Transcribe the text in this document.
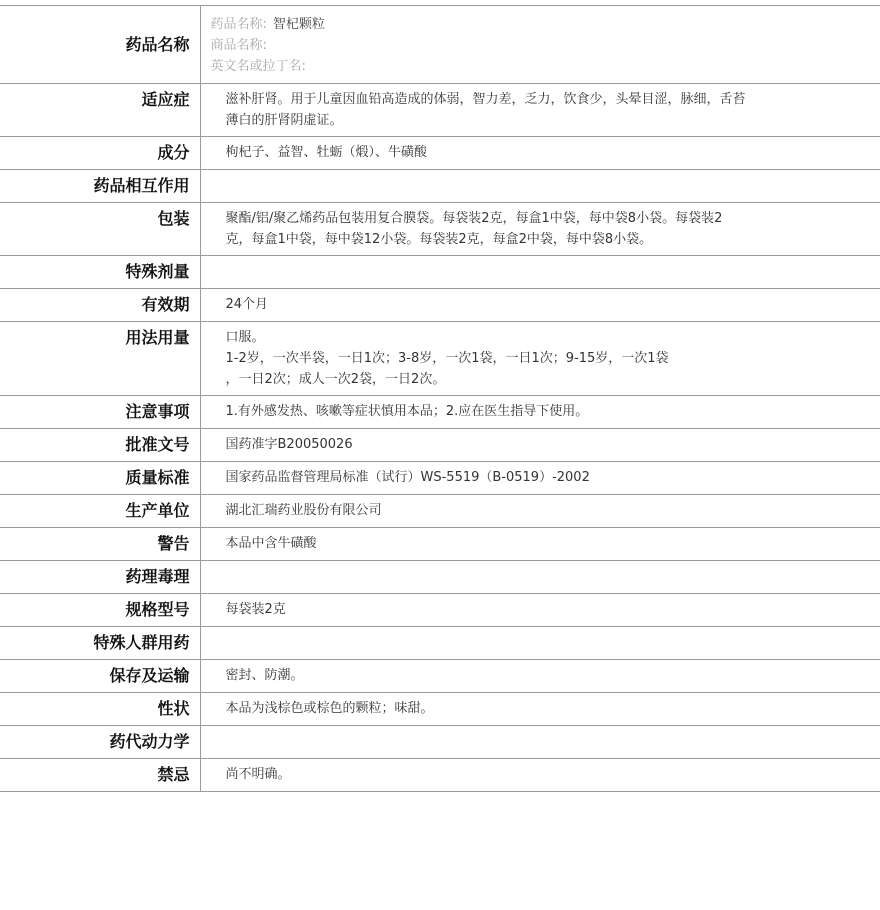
药品名称	药品名称: 智杞颗粒
商品名称:
英文名或拉丁名:

适应症	滋补肝肾。用于儿童因血铅高造成的体弱，智力差，乏力，饮食少，头晕目涩，脉细，舌苔
薄白的肝肾阴虚证。

成分	枸杞子、益智、牡蛎（煅）、牛磺酸

药品相互作用	

包装	聚酯/铝/聚乙烯药品包装用复合膜袋。每袋装2克，每盒1中袋，每中袋8小袋。每袋装2
克，每盒1中袋，每中袋12小袋。每袋装2克，每盒2中袋，每中袋8小袋。

特殊剂量	

有效期	24个月

用法用量	口服。
1-2岁，一次半袋，一日1次；3-8岁，一次1袋，一日1次；9-15岁，一次1袋
，一日2次；成人一次2袋，一日2次。

注意事项	1.有外感发热、咳嗽等症状慎用本品；2.应在医生指导下使用。

批准文号	国药准字B20050026

质量标准	国家药品监督管理局标准（试行）WS-5519（B-0519）-2002

生产单位	湖北汇瑞药业股份有限公司

警告	本品中含牛磺酸

药理毒理	

规格型号	每袋装2克

特殊人群用药	

保存及运输	密封、防潮。

性状	本品为浅棕色或棕色的颗粒；味甜。

药代动力学	

禁忌	尚不明确。
